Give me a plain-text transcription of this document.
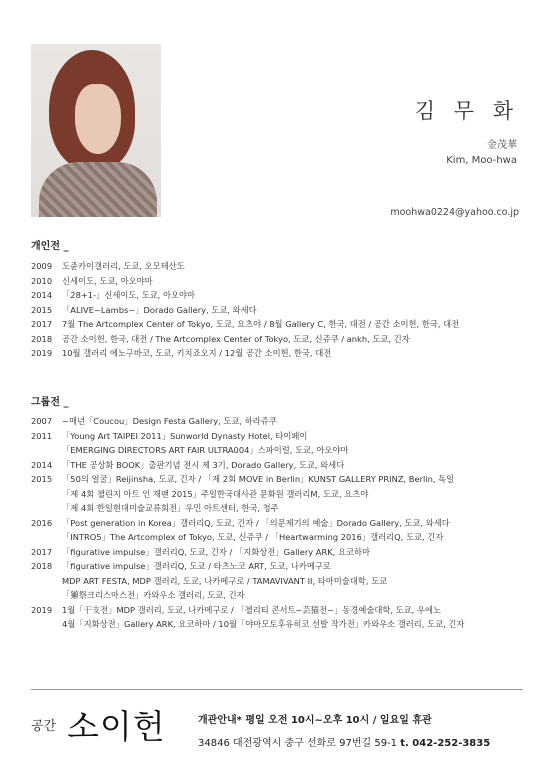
김 무 화
金茂華
Kim, Moo-hwa
moohwa0224@yahoo.co.jp
개인전 _
2009	도쥰카이갤러리, 도쿄, 오모테산도
2010	신세이도, 도쿄, 아오야마
2014	「28+1-」신세이도, 도쿄, 아오야마
2015	「ALIVE~Lambs~」Dorado Gallery, 도쿄, 와세다
2017	7월 The Artcomplex Center of Tokyo, 도쿄, 요츠야 / 8월 Gallery C, 한국, 대전 / 공간 소이헌, 한국, 대전
2018	공간 소이헌, 한국, 대전 / The Artcomplex Center of Tokyo, 도쿄, 신쥬쿠 / ankh, 도쿄, 긴자
2019	10월 갤러리 에노구바코, 도쿄, 키치죠오지 / 12월 공간 소이헌, 한국, 대전
그룹전 _
2007	~매년「Coucou」Design Festa Gallery, 도쿄, 하라쥬쿠
2011	「Young Art TAIPEI 2011」Sunworld Dynasty Hotel, 타이페이
「EMERGING DIRECTORS ART FAIR ULTRA004」스파이럴, 도쿄, 아오야마
2014	「THE 공상화 BOOK」출판기념 전시 제 3기, Dorado Gallery, 도쿄, 와세다
2015	「50의 얼굴」Reijinsha, 도쿄, 긴자 / 「제 2회 MOVE in Berlin」KUNST GALLERY PRINZ, Berlin, 독일
「제 4회 챌린지 아트 인 재팬 2015」주일한국대사관 문화원 갤러리M, 도쿄, 요츠야
「제 4회 한일현대미술교류회전」우민 아트센터, 한국, 청주
2016	「Post generation in Korea」갤러리Q, 도쿄, 긴자 / 「의문제기의 예술」Dorado Gallery, 도쿄, 와세다
「INTRO5」The Artcomplex of Tokyo, 도쿄, 신쥬쿠 / 「Heartwarming 2016」갤러리Q, 도쿄, 긴자
2017	「figurative impulse」갤러리Q, 도쿄, 긴자 / 「지화상전」Gallery ARK, 요코하마
2018	「figurative impulse」갤러리Q, 도쿄 / 타츠노코 ART, 도쿄, 나카메구로
MDP ART FESTA, MDP 갤러리, 도쿄, 나카메구로 / TAMAVIVANT II, 타마미술대학, 도쿄
「獺祭크리스마스전」카와우소 갤러리, 도쿄, 긴자
2019	1월「干支전」MDP 갤러리, 도쿄, 나카메구로 / 「첼리티 콘서트~芸猫전~」동경예술대학, 도쿄, 우에노
4월「지화상전」Gallery ARK, 요코하마 / 10월「야마모토후유히코 선발 작가전」카와우소 갤러리, 도쿄, 긴자
공간 소이헌	개관안내* 평일 오전 10시~오후 10시 / 일요일 휴관
34846 대전광역시 중구 선화로 97번길 59-1 t. 042-252-3835
